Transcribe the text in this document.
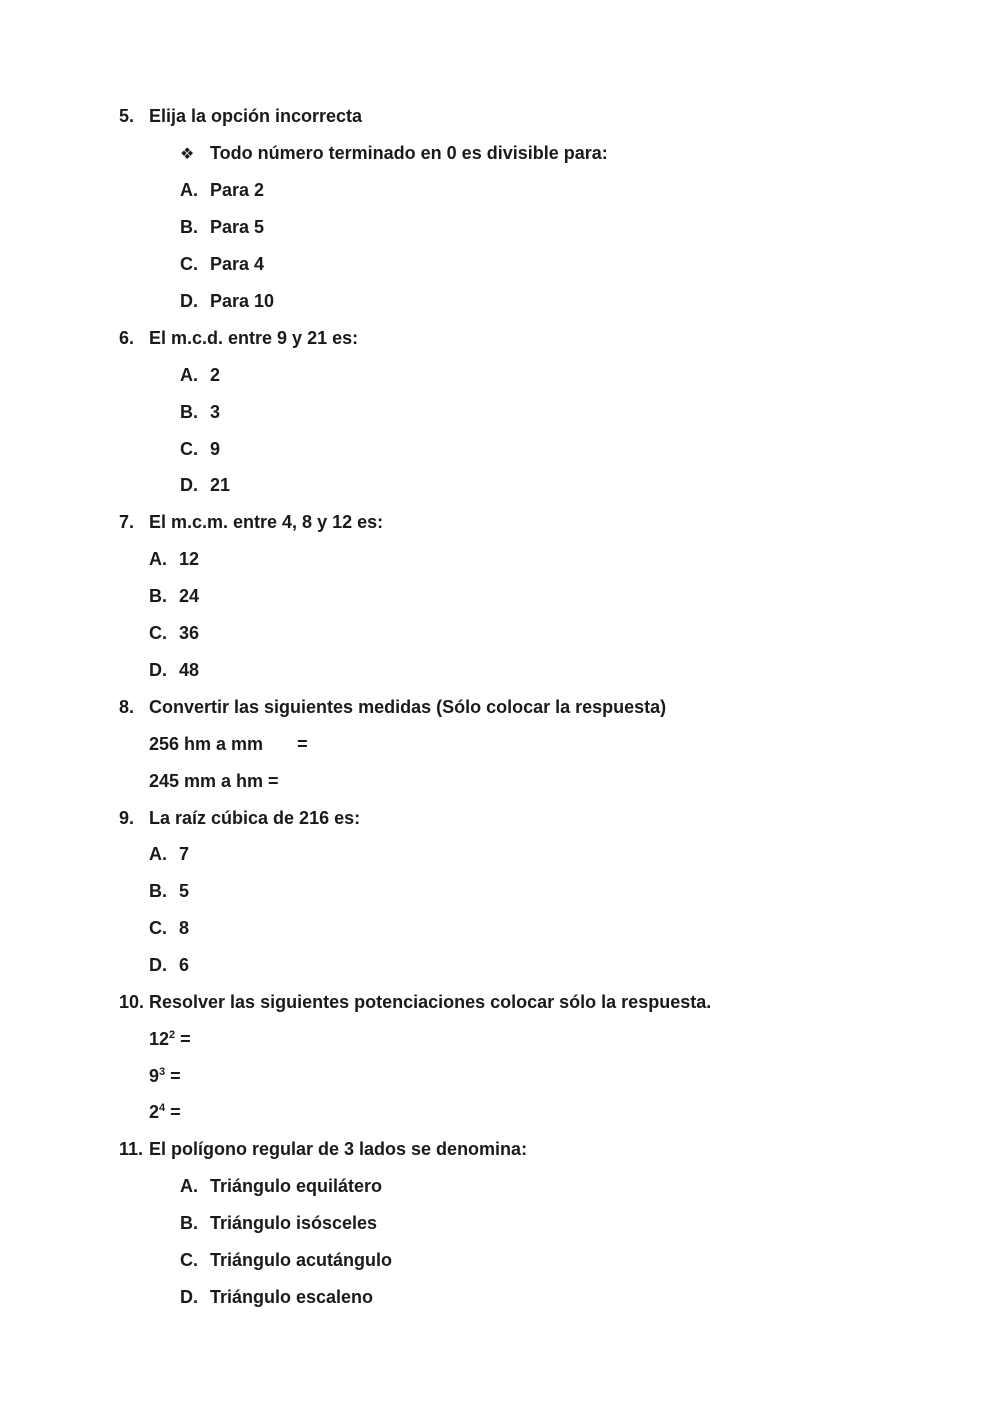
5. Elija la opción incorrecta
❖ Todo número terminado en 0 es divisible para:
A. Para 2
B. Para 5
C. Para 4
D. Para 10
6. El m.c.d. entre 9 y 21 es:
A. 2
B. 3
C. 9
D. 21
7. El m.c.m. entre 4, 8 y 12 es:
A. 12
B. 24
C. 36
D. 48
8. Convertir las siguientes medidas (Sólo colocar la respuesta)
256 hm a mm =
245 mm a hm =
9. La raíz cúbica de 216 es:
A. 7
B. 5
C. 8
D. 6
10. Resolver las siguientes potenciaciones colocar sólo la respuesta.
$12^2$ =
$9^3$ =
$2^4$ =
11. El polígono regular de 3 lados se denomina:
A. Triángulo equilátero
B. Triángulo isósceles
C. Triángulo acutángulo
D. Triángulo escaleno
